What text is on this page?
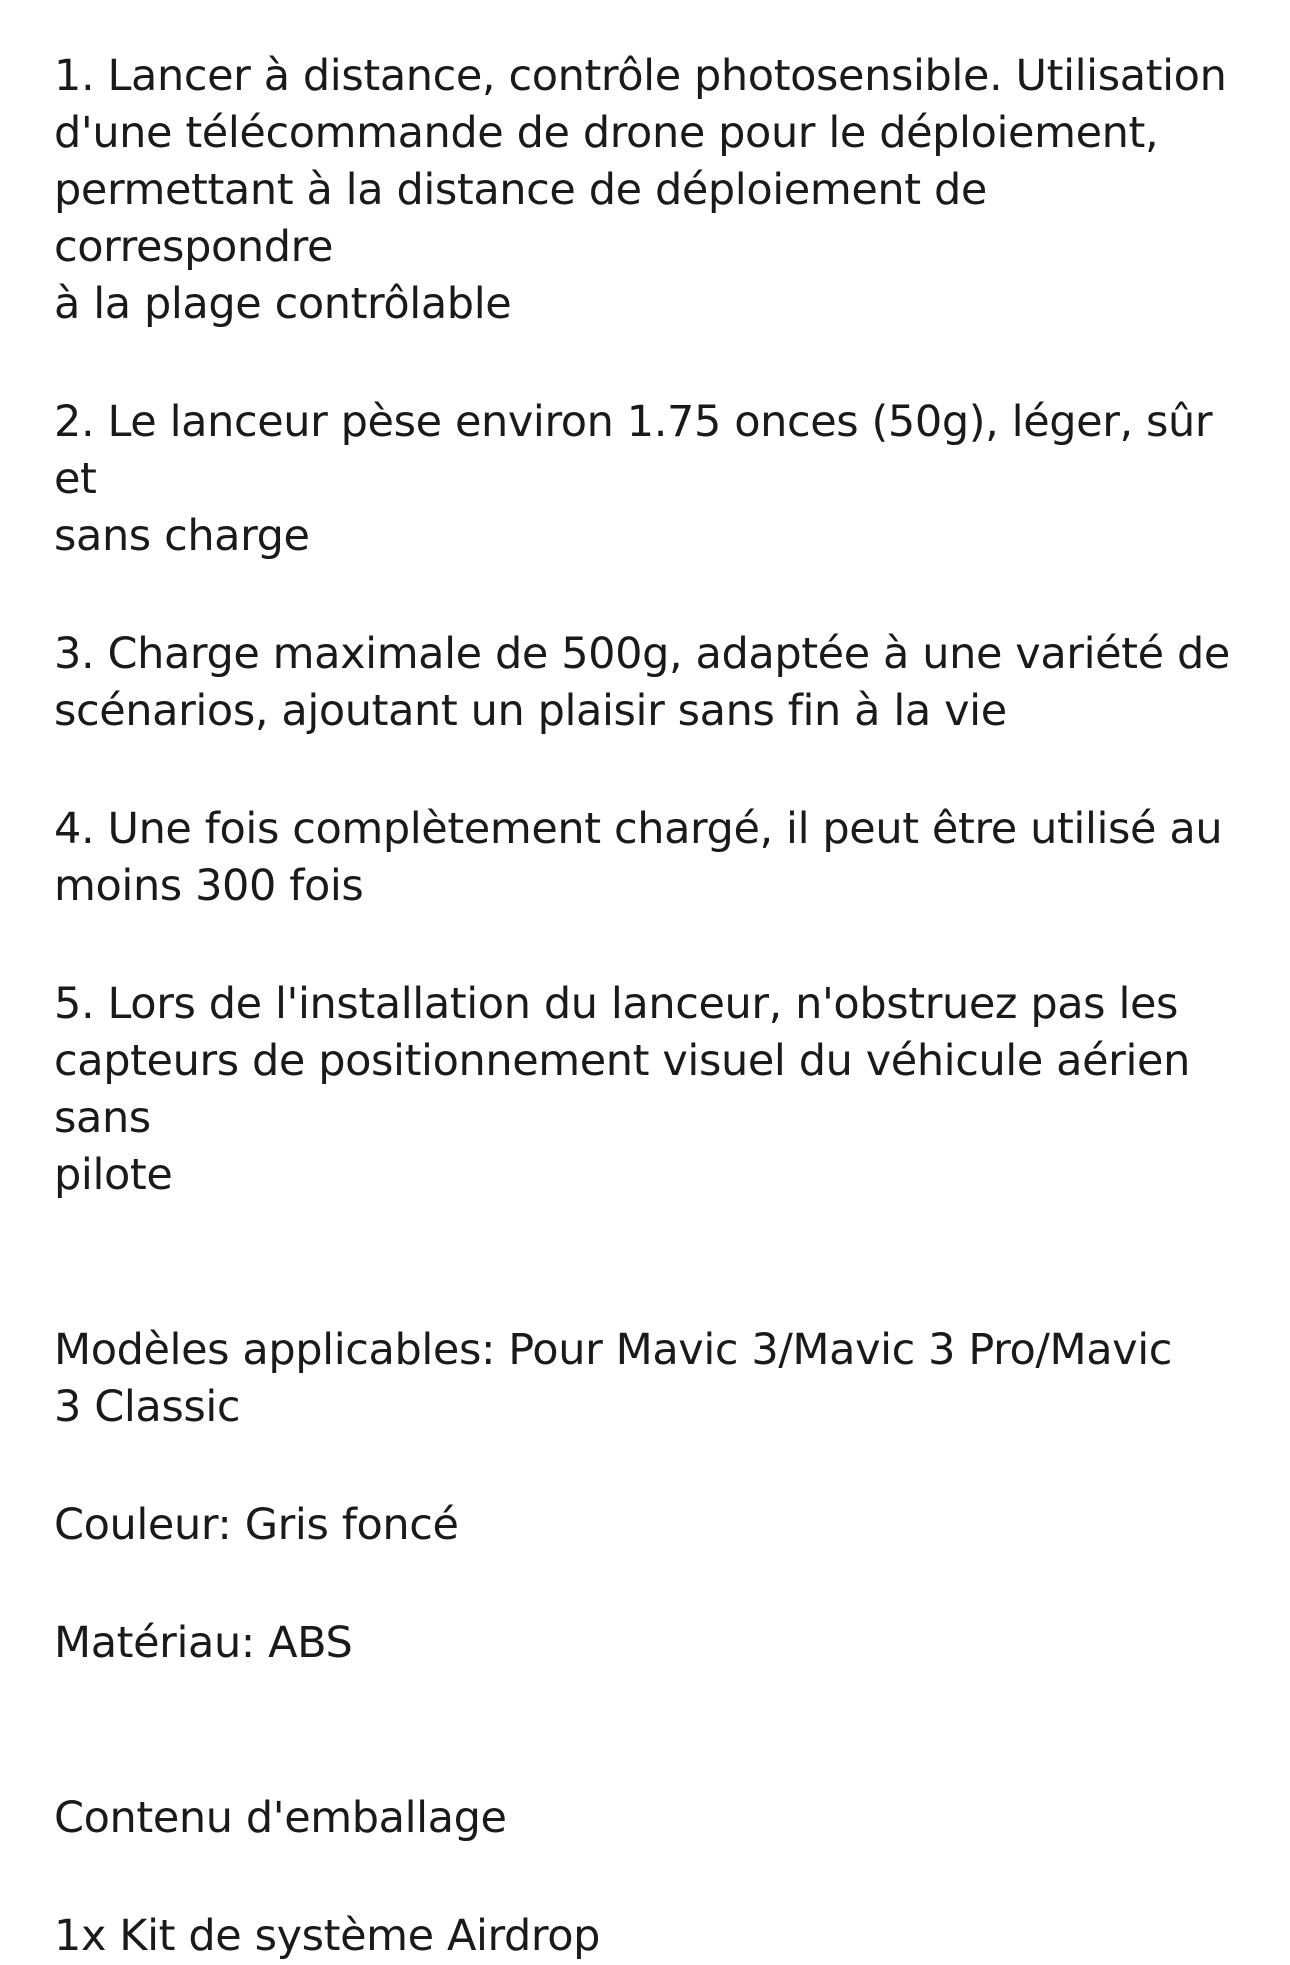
1. Lancer à distance, contrôle photosensible. Utilisation
d'une télécommande de drone pour le déploiement,
permettant à la distance de déploiement de correspondre
à la plage contrôlable

2. Le lanceur pèse environ 1.75 onces (50g), léger, sûr et
sans charge

3. Charge maximale de 500g, adaptée à une variété de
scénarios, ajoutant un plaisir sans fin à la vie

4. Une fois complètement chargé, il peut être utilisé au
moins 300 fois

5. Lors de l'installation du lanceur, n'obstruez pas les
capteurs de positionnement visuel du véhicule aérien sans
pilote

Modèles applicables: Pour Mavic 3/Mavic 3 Pro/Mavic
3 Classic

Couleur: Gris foncé

Matériau: ABS

Contenu d'emballage

1x Kit de système Airdrop
